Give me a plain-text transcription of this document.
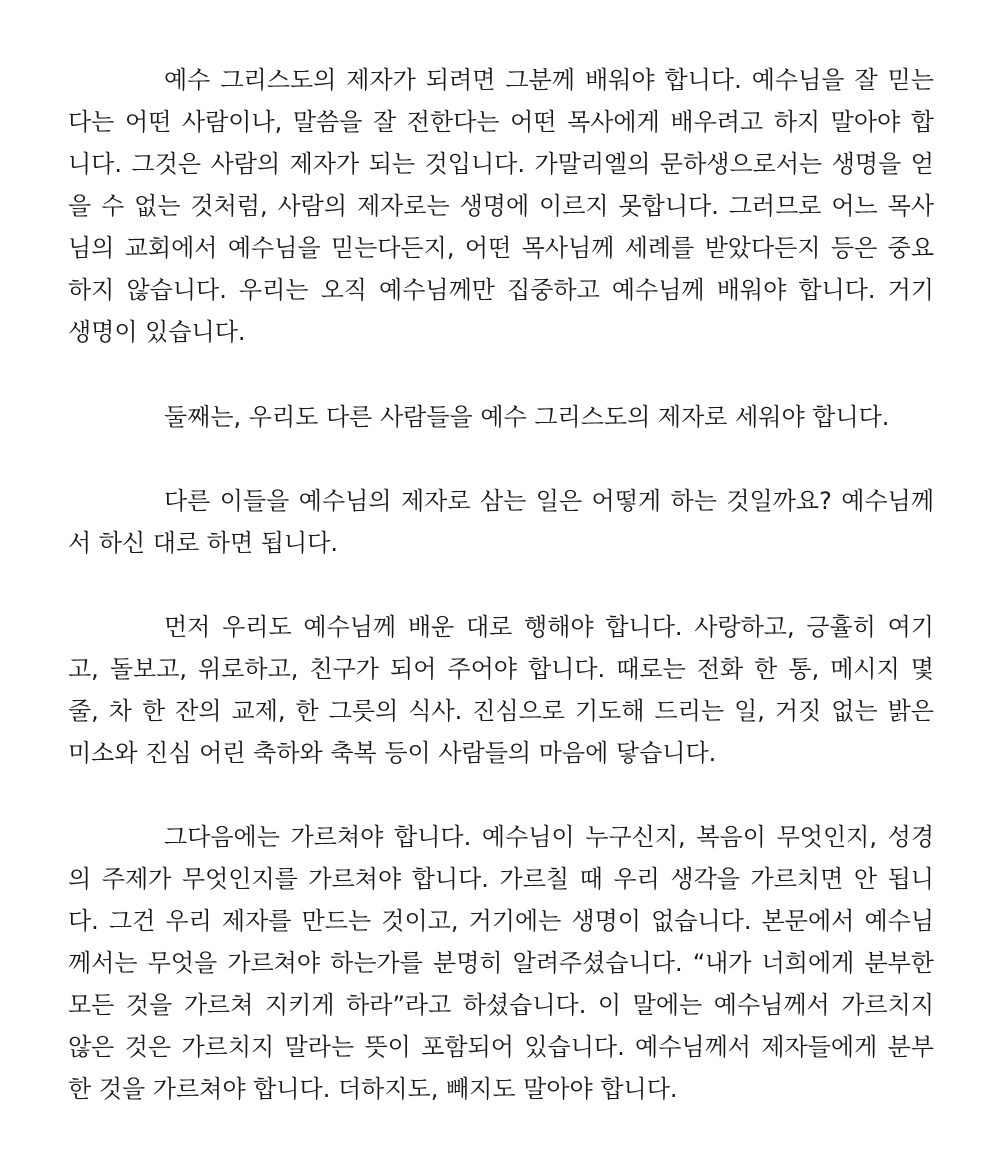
예수 그리스도의 제자가 되려면 그분께 배워야 합니다. 예수님을 잘 믿는
다는 어떤 사람이나, 말씀을 잘 전한다는 어떤 목사에게 배우려고 하지 말아야 합
니다. 그것은 사람의 제자가 되는 것입니다. 가말리엘의 문하생으로서는 생명을 얻
을 수 없는 것처럼, 사람의 제자로는 생명에 이르지 못합니다. 그러므로 어느 목사
님의 교회에서 예수님을 믿는다든지, 어떤 목사님께 세례를 받았다든지 등은 중요
하지 않습니다. 우리는 오직 예수님께만 집중하고 예수님께 배워야 합니다. 거기
생명이 있습니다.
둘째는, 우리도 다른 사람들을 예수 그리스도의 제자로 세워야 합니다.
다른 이들을 예수님의 제자로 삼는 일은 어떻게 하는 것일까요? 예수님께
서 하신 대로 하면 됩니다.
먼저 우리도 예수님께 배운 대로 행해야 합니다. 사랑하고, 긍휼히 여기
고, 돌보고, 위로하고, 친구가 되어 주어야 합니다. 때로는 전화 한 통, 메시지 몇
줄, 차 한 잔의 교제, 한 그릇의 식사. 진심으로 기도해 드리는 일, 거짓 없는 밝은
미소와 진심 어린 축하와 축복 등이 사람들의 마음에 닿습니다.
그다음에는 가르쳐야 합니다. 예수님이 누구신지, 복음이 무엇인지, 성경
의 주제가 무엇인지를 가르쳐야 합니다. 가르칠 때 우리 생각을 가르치면 안 됩니
다. 그건 우리 제자를 만드는 것이고, 거기에는 생명이 없습니다. 본문에서 예수님
께서는 무엇을 가르쳐야 하는가를 분명히 알려주셨습니다. “내가 너희에게 분부한
모든 것을 가르쳐 지키게 하라”라고 하셨습니다. 이 말에는 예수님께서 가르치지
않은 것은 가르치지 말라는 뜻이 포함되어 있습니다. 예수님께서 제자들에게 분부
한 것을 가르쳐야 합니다. 더하지도, 빼지도 말아야 합니다.
